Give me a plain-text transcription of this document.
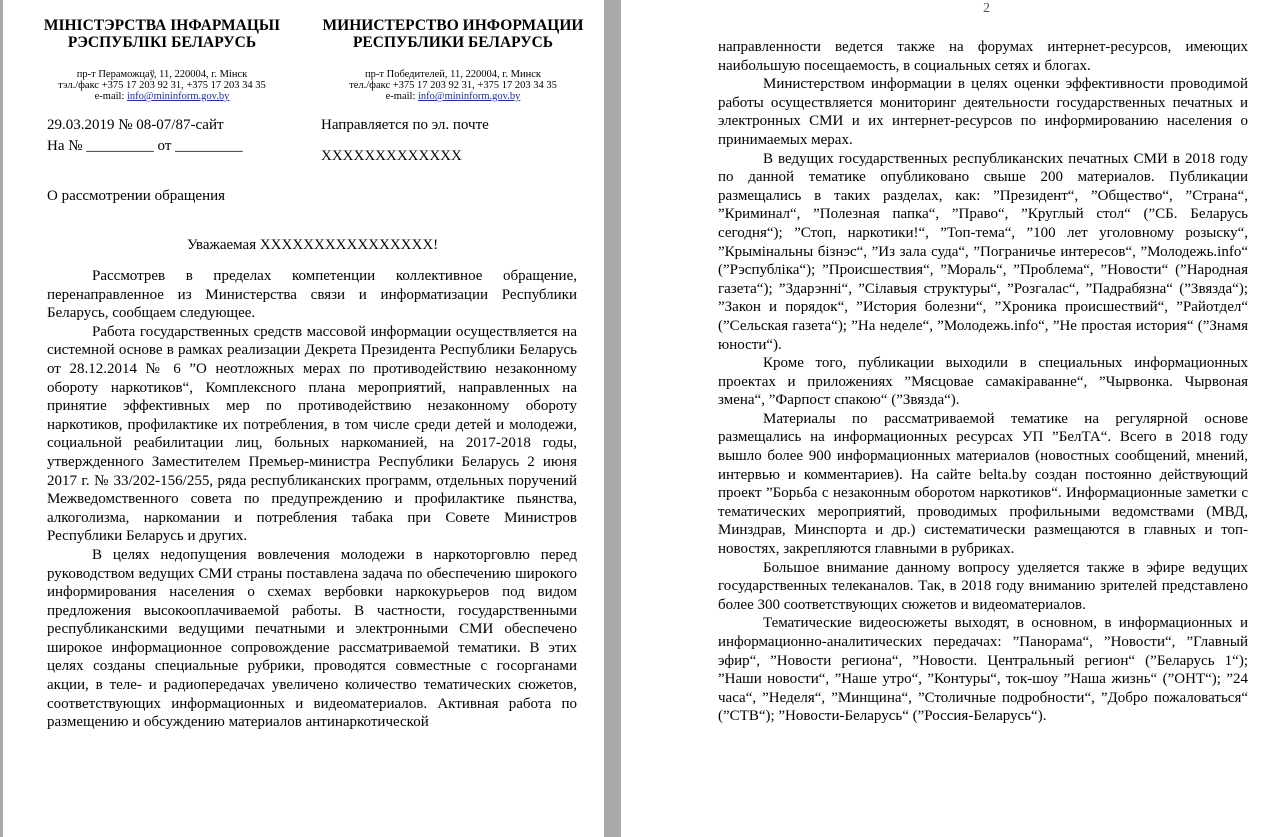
МІНІСТЭРСТВА ІНФАРМАЦЫІ
РЭСПУБЛІКІ БЕЛАРУСЬ
МИНИСТЕРСТВО ИНФОРМАЦИИ
РЕСПУБЛИКИ БЕЛАРУСЬ
пр-т Пераможцаў, 11, 220004, г. Мінск
тэл./факс +375 17 203 92 31, +375 17 203 34 35
e-mail: info@mininform.gov.by
пр-т Победителей, 11, 220004, г. Минск
тел./факс +375 17 203 92 31, +375 17 203 34 35
e-mail: info@mininform.gov.by
29.03.2019 № 08-07/87-сайт
На № _________ от _________
Направляется по эл. почте
ХХХХХХХХХХХХХ
О рассмотрении обращения
Уважаемая ХХХХХХХХХХХХХХХХ!

Рассмотрев в пределах компетенции коллективное обращение, перенаправленное из Министерства связи и информатизации Республики Беларусь, сообщаем следующее.

Работа государственных средств массовой информации осуществляется на системной основе в рамках реализации Декрета Президента Республики Беларусь от 28.12.2014 № 6 ”О неотложных мерах по противодействию незаконному обороту наркотиков“, Комплексного плана мероприятий, направленных на принятие эффективных мер по противодействию незаконному обороту наркотиков, профилактике их потребления, в том числе среди детей и молодежи, социальной реабилитации лиц, больных наркоманией, на 2017-2018 годы, утвержденного Заместителем Премьер-министра Республики Беларусь 2 июня 2017 г. № 33/202-156/255, ряда республиканских программ, отдельных поручений Межведомственного совета по предупреждению и профилактике пьянства, алкоголизма, наркомании и потребления табака при Совете Министров Республики Беларусь и других.

В целях недопущения вовлечения молодежи в наркоторговлю перед руководством ведущих СМИ страны поставлена задача по обеспечению широкого информирования населения о схемах вербовки наркокурьеров под видом предложения высокооплачиваемой работы. В частности, государственными республиканскими ведущими печатными и электронными СМИ обеспечено широкое информационное сопровождение рассматриваемой тематики. В этих целях созданы специальные рубрики, проводятся совместные с госорганами акции, в теле- и радиопередачах увеличено количество тематических сюжетов, соответствующих информационных и видеоматериалов. Активная работа по размещению и обсуждению материалов антинаркотической

2

направленности ведется также на форумах интернет-ресурсов, имеющих наибольшую посещаемость, в социальных сетях и блогах.

Министерством информации в целях оценки эффективности проводимой работы осуществляется мониторинг деятельности государственных печатных и электронных СМИ и их интернет-ресурсов по информированию населения о принимаемых мерах.

В ведущих государственных республиканских печатных СМИ в 2018 году по данной тематике опубликовано свыше 200 материалов. Публикации размещались в таких разделах, как: ”Президент“, ”Общество“, ”Страна“, ”Криминал“, ”Полезная папка“, ”Право“, ”Круглый стол“ (”СБ. Беларусь сегодня“); ”Стоп, наркотики!“, ”Топ-тема“, ”100 лет уголовному розыску“, ”Крымінальны бізнэс“, ”Из зала суда“, ”Пограничье интересов“, ”Молодежь.info“ (”Рэспубліка“); ”Происшествия“, ”Мораль“, ”Проблема“, ”Новости“ (”Народная газета“); ”Здарэнні“, ”Сілавыя структуры“, ”Розгалас“, ”Падрабязна“ (”Звязда“); ”Закон и порядок“, ”История болезни“, ”Хроника происшествий“, ”Райотдел“ (”Сельская газета“); ”На неделе“, ”Молодежь.info“, ”Не простая история“ (”Знамя юности“).

Кроме того, публикации выходили в специальных информационных проектах и приложениях ”Мясцовае самакіраванне“, ”Чырвонка. Чырвоная змена“, ”Фарпост спакою“ (”Звязда“).

Материалы по рассматриваемой тематике на регулярной основе размещались на информационных ресурсах УП ”БелТА“. Всего в 2018 году вышло более 900 информационных материалов (новостных сообщений, мнений, интервью и комментариев). На сайте belta.by создан постоянно действующий проект ”Борьба с незаконным оборотом наркотиков“. Информационные заметки с тематических мероприятий, проводимых профильными ведомствами (МВД, Минздрав, Минспорта и др.) систематически размещаются в главных и топ-новостях, закрепляются главными в рубриках.

Большое внимание данному вопросу уделяется также в эфире ведущих государственных телеканалов. Так, в 2018 году вниманию зрителей представлено более 300 соответствующих сюжетов и видеоматериалов.

Тематические видеосюжеты выходят, в основном, в информационных и информационно-аналитических передачах: ”Панорама“, ”Новости“, ”Главный эфир“, ”Новости региона“, ”Новости. Центральный регион“ (”Беларусь 1“); ”Наши новости“, ”Наше утро“, ”Контуры“, ток-шоу ”Наша жизнь“ (”ОНТ“); ”24 часа“, ”Неделя“, ”Минщина“, ”Столичные подробности“, ”Добро пожаловаться“ (”СТВ“); ”Новости-Беларусь“ (”Россия-Беларусь“).
